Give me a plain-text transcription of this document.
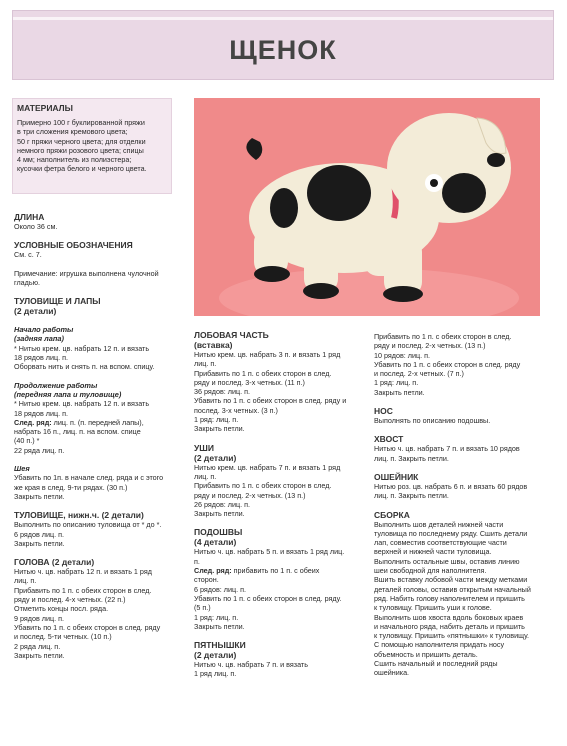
ЩЕНОК
МАТЕРИАЛЫ

Примерно 100 г буклированной пряжи

в три сложения кремового цвета;

50 г пряжи черного цвета; для отделки

немного пряжи розового цвета; спицы

4 мм; наполнитель из полиэстера;

кусочки фетра белого и черного цвета.

ДЛИНА

Около 36 см.

УСЛОВНЫЕ ОБОЗНАЧЕНИЯ

См. с. 7.

Примечание: игрушка выполнена чулочной

гладью.

ТУЛОВИЩЕ И ЛАПЫ
(2 детали)

Начало работы

(задняя лапа)

* Нитью крем. цв. набрать 12 п. и вязать

18 рядов лиц. п.

Оборвать нить и снять п. на вспом. спицу.

Продолжение работы

(передняя лапа и туловище)

* Нитью крем. цв. набрать 12 п. и вязать

18 рядов лиц. п.

След. ряд: лиц. п. (п. передней лапы),

набрать 16 п., лиц. п. на вспом. спице

(40 п.) *

22 ряда лиц. п.

Шея

Убавить по 1п. в начале след. ряда и с этого

же края в след. 9-ти рядах. (30 п.)

Закрыть петли.

ТУЛОВИЩЕ, нижн.ч. (2 детали)

Выполнить по описанию туловища от * до *.

6 рядов лиц. п.

Закрыть петли.

ГОЛОВА (2 детали)

Нитью ч. цв. набрать 12 п. и вязать 1 ряд

лиц. п.

Прибавить по 1 п. с обеих сторон в след.

ряду и послед. 4-х четных. (22 п.)

Отметить концы посл. ряда.

9 рядов лиц. п.

Убавить по 1 п. с обеих сторон в след. ряду

и послед. 5-ти четных. (10 п.)

2 ряда лиц. п.

Закрыть петли.

ЛОБОВАЯ ЧАСТЬ
(вставка)

Нитью крем. цв. набрать 3 п. и вязать 1 ряд

лиц. п.

Прибавить по 1 п. с обеих сторон в след.

ряду и послед. 3-х четных. (11 п.)

36 рядов: лиц. п.

Убавить по 1 п. с обеих сторон в след. ряду и

послед. 3-х четных. (3 п.)

1 ряд: лиц. п.

Закрыть петли.

УШИ
(2 детали)

Нитью крем. цв. набрать 7 п. и вязать 1 ряд

лиц. п.

Прибавить по 1 п. с обеих сторон в след.

ряду и послед. 2-х четных. (13 п.)

26 рядов: лиц. п.

Закрыть петли.

ПОДОШВЫ
(4 детали)

Нитью ч. цв. набрать 5 п. и вязать 1 ряд лиц.

п.

След. ряд: прибавить по 1 п. с обеих

сторон.

6 рядов: лиц. п.

Убавить по 1 п. с обеих сторон в след. ряду.

(5 п.)

1 ряд: лиц. п.

Закрыть петли.

ПЯТНЫШКИ
(2 детали)

Нитью ч. цв. набрать 7 п. и вязать

1 ряд лиц. п.

Прибавить по 1 п. с обеих сторон в след.

ряду и послед. 2-х четных. (13 п.)

10 рядов: лиц. п.

Убавить по 1 п. с обеих сторон в след. ряду

и послед. 2-х четных. (7 п.)

1 ряд: лиц. п.

Закрыть петли.

НОС

Выполнять по описанию подошвы.

ХВОСТ

Нитью ч. цв. набрать 7 п. и вязать 10 рядов

лиц. п. Закрыть петли.

ОШЕЙНИК

Нитью роз. цв. набрать 6 п. и вязать 60 рядов

лиц. п. Закрыть петли.

СБОРКА

Выполнить шов деталей нижней части

туловища по последнему ряду. Сшить детали

лап, совместив соответствующие части

верхней и нижней части туловища.

Выполнить остальные швы, оставив линию

шеи свободной для наполнителя.

Вшить вставку лобовой части между метками

деталей головы, оставив открытым начальный

ряд. Набить голову наполнителем и пришить

к туловищу. Пришить уши к голове.

Выполнить шов хвоста вдоль боковых краев

и начального ряда, набить деталь и пришить

к туловищу. Пришить «пятнышки» к туловищу.

С помощью наполнителя придать носу

объемность и пришить деталь.

Сшить начальный и последний ряды

ошейника.
